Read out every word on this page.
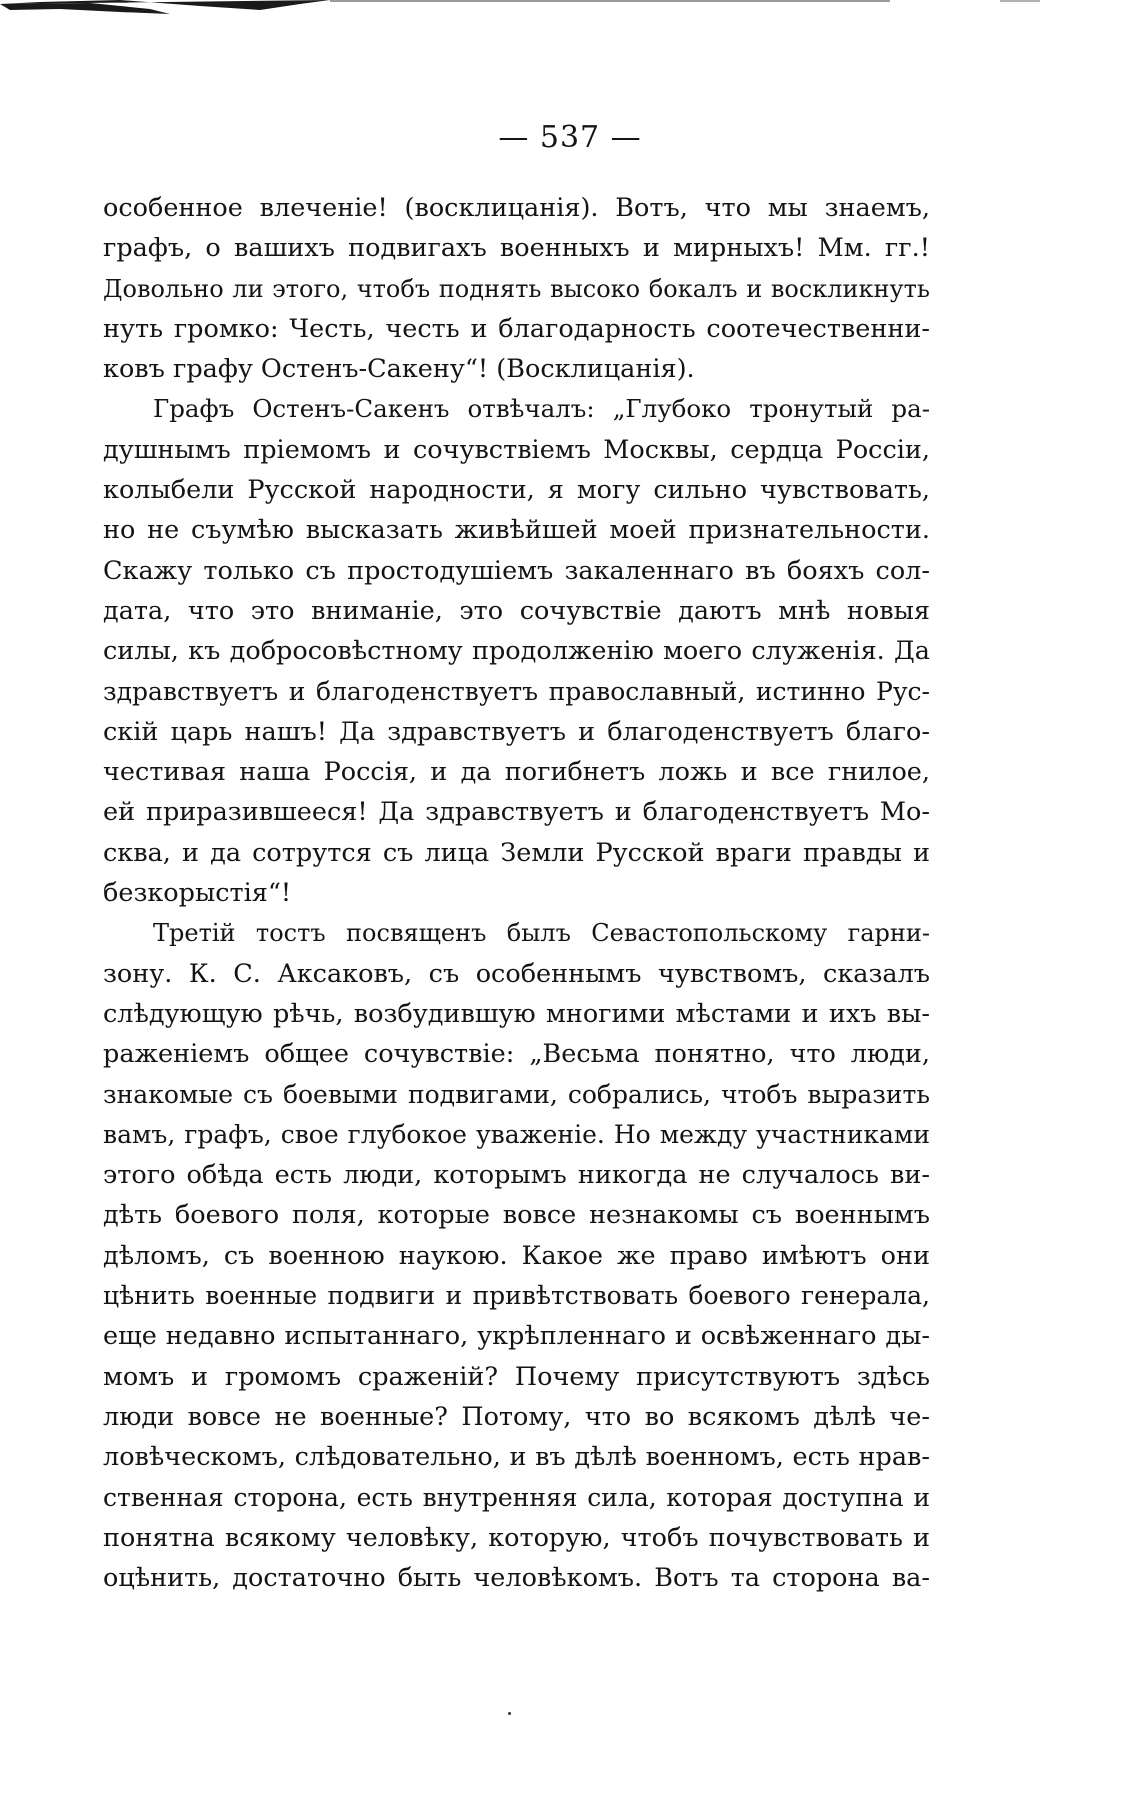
— 537 —

особенное влеченіе! (восклицанія). Вотъ, что мы знаемъ,
графъ, о вашихъ подвигахъ военныхъ и мирныхъ! Мм. гг.!
Довольно ли этого, чтобъ поднять высоко бокалъ и воскликнуть
нуть громко: Честь, честь и благодарность соотечественни-
ковъ графу Остенъ-Сакену“! (Восклицанія).

Графъ Остенъ-Сакенъ отвѣчалъ: „Глубоко тронутый ра-
душнымъ пріемомъ и сочувствіемъ Москвы, сердца Россіи,
колыбели Русской народности, я могу сильно чувствовать,
но не съумѣю высказать живѣйшей моей признательности.
Скажу только съ простодушіемъ закаленнаго въ бояхъ сол-
дата, что это вниманіе, это сочувствіе даютъ мнѣ новыя
силы, къ добросовѣстному продолженію моего служенія. Да
здравствуетъ и благоденствуетъ православный, истинно Рус-
скій царь нашъ! Да здравствуетъ и благоденствуетъ благо-
честивая наша Россія, и да погибнетъ ложь и все гнилое,
ей приразившееся! Да здравствуетъ и благоденствуетъ Мо-
сква, и да сотрутся съ лица Земли Русской враги правды и
безкорыстія“!

Третій тостъ посвященъ былъ Севастопольскому гарни-
зону. К. С. Аксаковъ, съ особеннымъ чувствомъ, сказалъ
слѣдующую рѣчь, возбудившую многими мѣстами и ихъ вы-
раженіемъ общее сочувствіе: „Весьма понятно, что люди,
знакомые съ боевыми подвигами, собрались, чтобъ выразить
вамъ, графъ, свое глубокое уваженіе. Но между участниками
этого обѣда есть люди, которымъ никогда не случалось ви-
дѣть боевого поля, которые вовсе незнакомы съ военнымъ
дѣломъ, съ военною наукою. Какое же право имѣютъ они
цѣнить военные подвиги и привѣтствовать боевого генерала,
еще недавно испытаннаго, укрѣпленнаго и освѣженнаго ды-
момъ и громомъ сраженій? Почему присутствуютъ здѣсь
люди вовсе не военные? Потому, что во всякомъ дѣлѣ че-
ловѣческомъ, слѣдовательно, и въ дѣлѣ военномъ, есть нрав-
ственная сторона, есть внутренняя сила, которая доступна и
понятна всякому человѣку, которую, чтобъ почувствовать и
оцѣнить, достаточно быть человѣкомъ. Вотъ та сторона ва-
